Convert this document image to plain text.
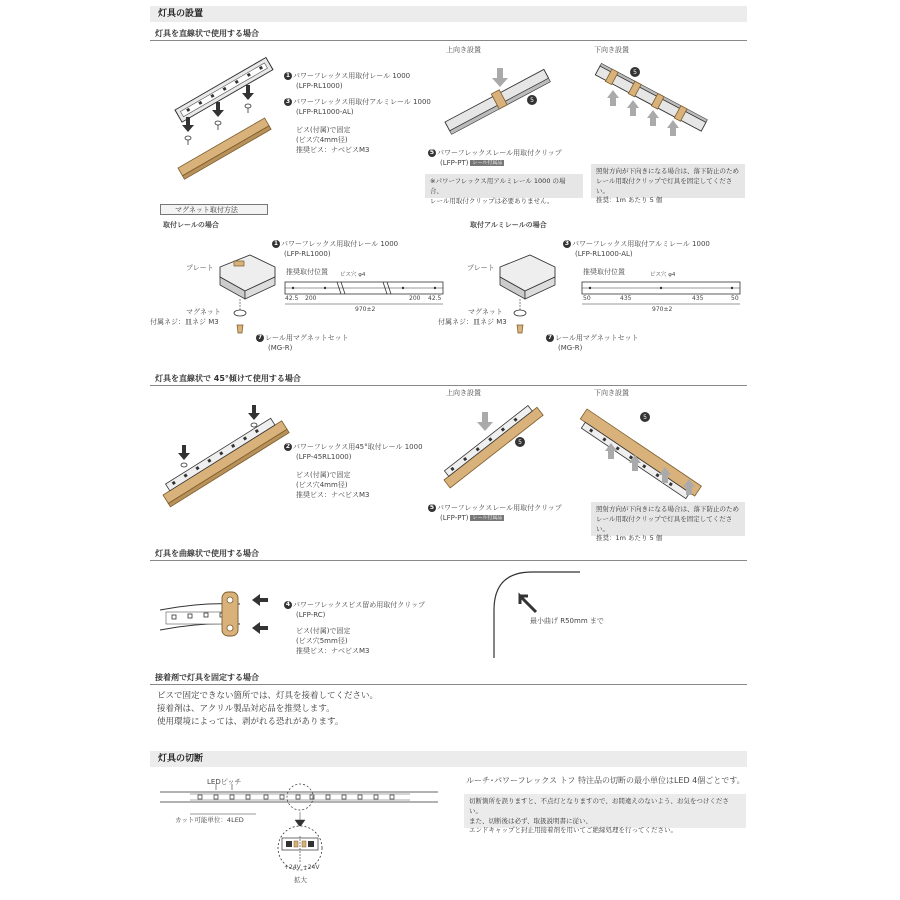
灯具の設置
灯具を直線状で使用する場合
1 パワーフレックス用取付レール 1000
(LFP-RL1000)
3 パワーフレックス用取付アルミレール 1000
(LFP-RL1000-AL)
ビス(付属)で固定
(ビス穴4mm径)
推奨ビス：ナベビスM3
上向き設置
5
下向き設置
5
5 パワーフレックスレール用取付クリップ
(LFP-PT) レール付属品
※パワーフレックス用アルミレール 1000 の場合、
レール用取付クリップは必要ありません。
照射方向が下向きになる場合は、落下防止のため
レール用取付クリップで灯具を固定してください。
推奨：1m あたり 5 個
マグネット取付方法
取付レールの場合	取付アルミレールの場合
プレート
マグネット
付属ネジ：皿ネジ M3
1 パワーフレックス用取付レール 1000
(LFP-RL1000)
推奨取付位置 ビス穴 φ4
42.5 200	200 42.5
970±2
7 レール用マグネットセット
(MG-R)
プレート
マグネット
付属ネジ：皿ネジ M3
3 パワーフレックス用取付アルミレール 1000
(LFP-RL1000-AL)
推奨取付位置	ビス穴 φ4
50	435	435	50
970±2
7 レール用マグネットセット
(MG-R)
灯具を直線状で 45°傾けて使用する場合
2 パワーフレックス用45°取付レール 1000
(LFP-45RL1000)
ビス(付属)で固定
(ビス穴4mm径)
推奨ビス：ナベビスM3
上向き設置
5
下向き設置
5
5 パワーフレックスレール用取付クリップ
(LFP-PT) レール付属品
照射方向が下向きになる場合は、落下防止のため
レール用取付クリップで灯具を固定してください。
推奨：1m あたり 5 個
灯具を曲線状で使用する場合
4 パワーフレックスビス留め用取付クリップ
(LFP-RC)
ビス(付属)で固定
(ビス穴5mm径)
推奨ビス：ナベビスM3
最小曲げ R50mm まで
接着剤で灯具を固定する場合
ビスで固定できない箇所では、灯具を接着してください。
接着剤は、アクリル製品対応品を推奨します。
使用環境によっては、剥がれる恐れがあります。
灯具の切断
LEDピッチ
カット可能単位：4LED
+24V +24V
拡大
ルーチ･パワーフレックス トフ 特注品の切断の最小単位はLED 4個ごとです。
切断箇所を誤りますと、不点灯となりますので、お間違えのないよう、お気をつけください。
また、切断後は必ず、取扱説明書に従い、
エンドキャップと封止用接着剤を用いてご絶縁処理を行ってください。
